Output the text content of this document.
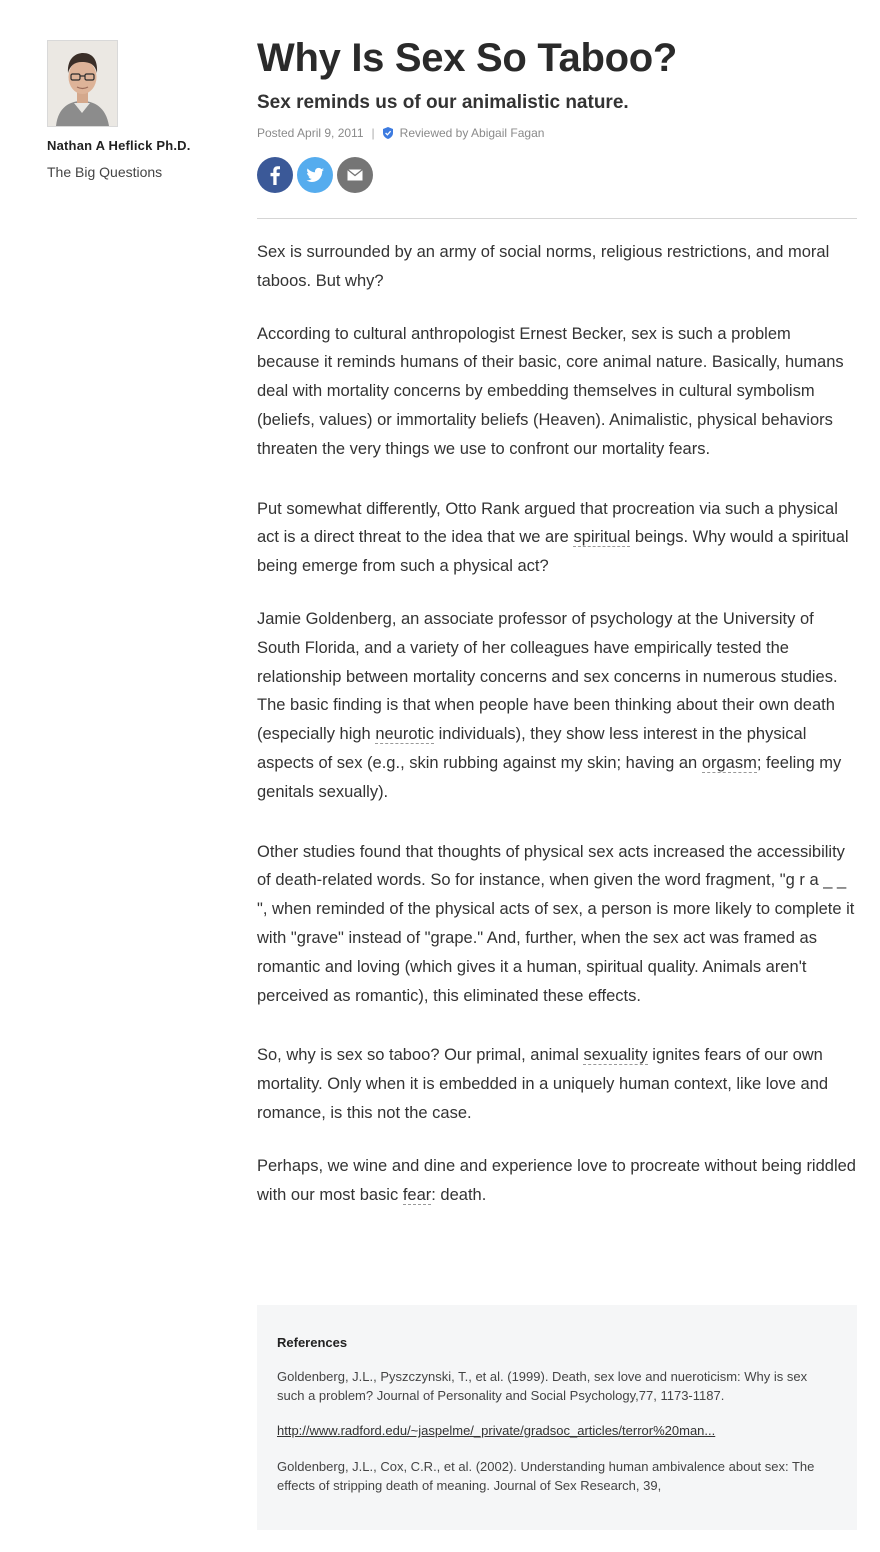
Nathan A Heflick Ph.D.
The Big Questions
Why Is Sex So Taboo?
Sex reminds us of our animalistic nature.
Posted April 9, 2011 | Reviewed by Abigail Fagan

Sex is surrounded by an army of social norms, religious restrictions, and moral taboos. But why?

According to cultural anthropologist Ernest Becker, sex is such a problem because it reminds humans of their basic, core animal nature. Basically, humans deal with mortality concerns by embedding themselves in cultural symbolism (beliefs, values) or immortality beliefs (Heaven). Animalistic, physical behaviors threaten the very things we use to confront our mortality fears.

Put somewhat differently, Otto Rank argued that procreation via such a physical act is a direct threat to the idea that we are spiritual beings. Why would a spiritual being emerge from such a physical act?

Jamie Goldenberg, an associate professor of psychology at the University of South Florida, and a variety of her colleagues have empirically tested the relationship between mortality concerns and sex concerns in numerous studies. The basic finding is that when people have been thinking about their own death (especially high neurotic individuals), they show less interest in the physical aspects of sex (e.g., skin rubbing against my skin; having an orgasm; feeling my genitals sexually).

Other studies found that thoughts of physical sex acts increased the accessibility of death-related words. So for instance, when given the word fragment, "g r a _ _ ", when reminded of the physical acts of sex, a person is more likely to complete it with "grave" instead of "grape." And, further, when the sex act was framed as romantic and loving (which gives it a human, spiritual quality. Animals aren't perceived as romantic), this eliminated these effects.

So, why is sex so taboo? Our primal, animal sexuality ignites fears of our own mortality. Only when it is embedded in a uniquely human context, like love and romance, is this not the case.

Perhaps, we wine and dine and experience love to procreate without being riddled with our most basic fear: death.

References

Goldenberg, J.L., Pyszczynski, T., et al. (1999). Death, sex love and nueroticism: Why is sex such a problem? Journal of Personality and Social Psychology,77, 1173-1187.

http://www.radford.edu/~jaspelme/_private/gradsoc_articles/terror%20man...

Goldenberg, J.L., Cox, C.R., et al. (2002). Understanding human ambivalence about sex: The effects of stripping death of meaning. Journal of Sex Research, 39,
